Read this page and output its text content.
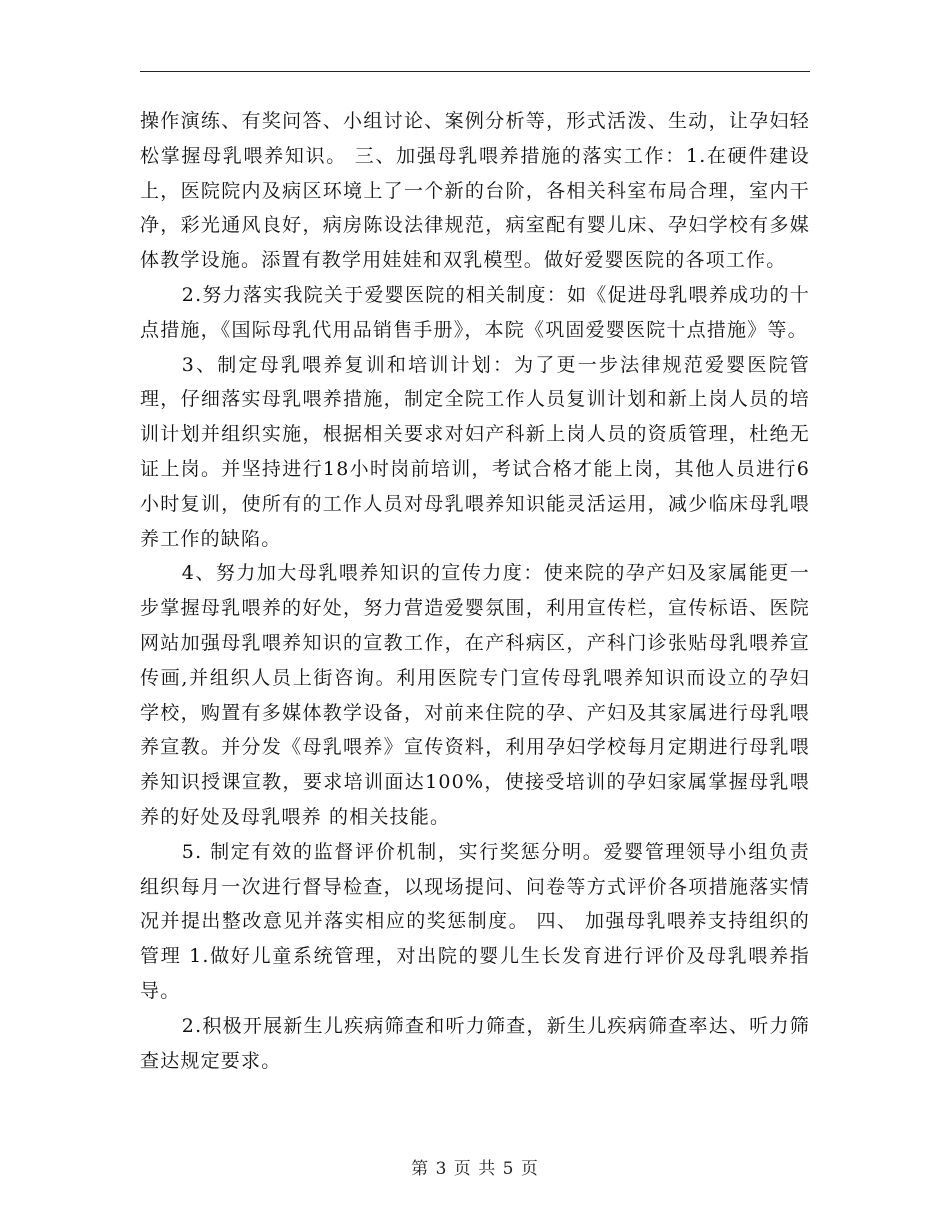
操作演练、有奖问答、小组讨论、案例分析等，形式活泼、生动，让孕妇轻松掌握母乳喂养知识。 三、加强母乳喂养措施的落实工作：1.在硬件建设上，医院院内及病区环境上了一个新的台阶，各相关科室布局合理，室内干净，彩光通风良好，病房陈设法律规范，病室配有婴儿床、孕妇学校有多媒体教学设施。添置有教学用娃娃和双乳模型。做好爱婴医院的各项工作。

2.努力落实我院关于爱婴医院的相关制度：如《促进母乳喂养成功的十点措施，《国际母乳代用品销售手册》，本院《巩固爱婴医院十点措施》等。

3、制定母乳喂养复训和培训计划：为了更一步法律规范爱婴医院管理，仔细落实母乳喂养措施，制定全院工作人员复训计划和新上岗人员的培训计划并组织实施，根据相关要求对妇产科新上岗人员的资质管理，杜绝无证上岗。并坚持进行18小时岗前培训，考试合格才能上岗，其他人员进行6小时复训，使所有的工作人员对母乳喂养知识能灵活运用，减少临床母乳喂养工作的缺陷。

4、努力加大母乳喂养知识的宣传力度：使来院的孕产妇及家属能更一步掌握母乳喂养的好处，努力营造爱婴氛围，利用宣传栏，宣传标语、医院网站加强母乳喂养知识的宣教工作，在产科病区，产科门诊张贴母乳喂养宣传画,并组织人员上街咨询。利用医院专门宣传母乳喂养知识而设立的孕妇学校，购置有多媒体教学设备，对前来住院的孕、产妇及其家属进行母乳喂养宣教。并分发《母乳喂养》宣传资料，利用孕妇学校每月定期进行母乳喂养知识授课宣教，要求培训面达100%，使接受培训的孕妇家属掌握母乳喂养的好处及母乳喂养 的相关技能。

5. 制定有效的监督评价机制，实行奖惩分明。爱婴管理领导小组负责组织每月一次进行督导检查，以现场提问、问卷等方式评价各项措施落实情况并提出整改意见并落实相应的奖惩制度。 四、 加强母乳喂养支持组织的管理 1.做好儿童系统管理，对出院的婴儿生长发育进行评价及母乳喂养指导。

2.积极开展新生儿疾病筛查和听力筛查，新生儿疾病筛查率达、听力筛查达规定要求。

第 3 页 共 5 页
